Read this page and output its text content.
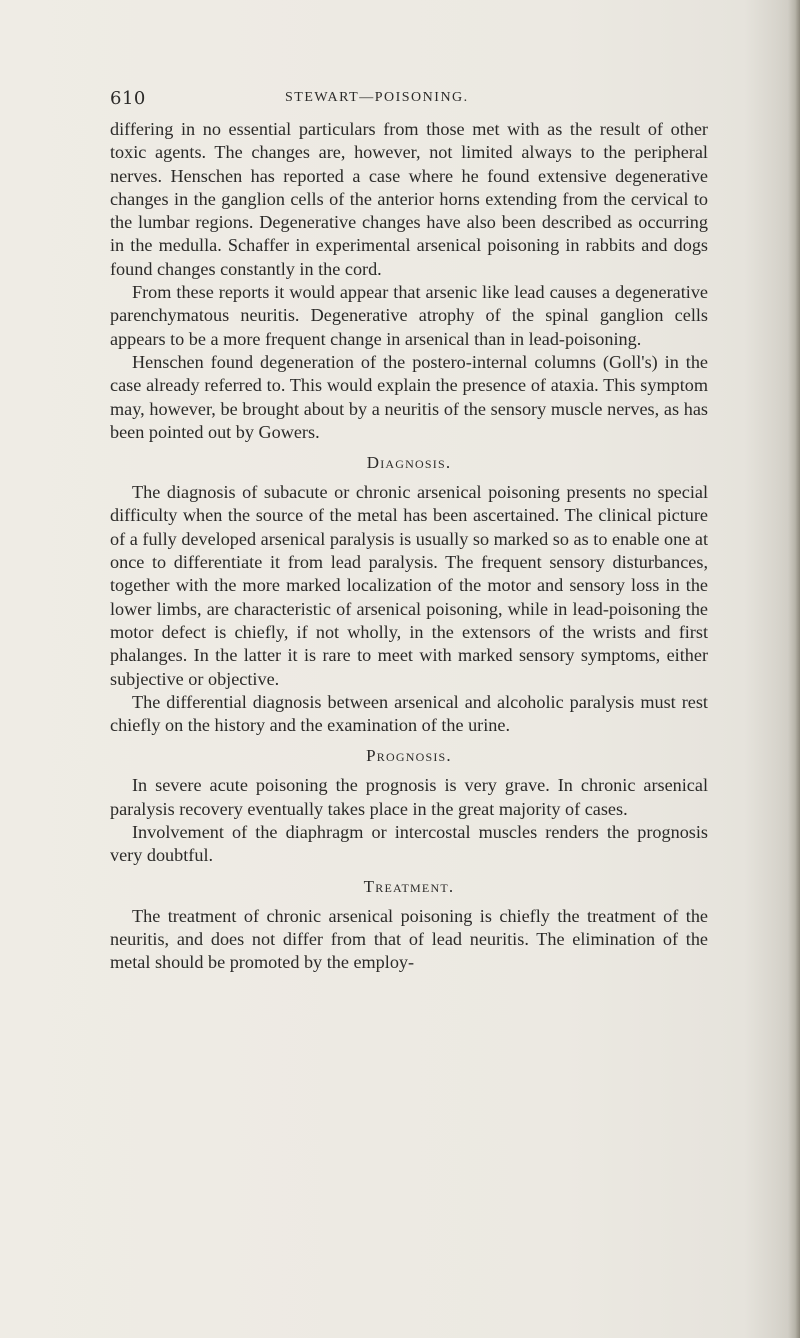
610	STEWART—POISONING.

differing in no essential particulars from those met with as the result of other toxic agents. The changes are, however, not limited always to the peripheral nerves. Henschen has reported a case where he found extensive degenerative changes in the ganglion cells of the anterior horns extending from the cervical to the lumbar regions. Degenerative changes have also been described as occurring in the medulla. Schaffer in experimental arsenical poisoning in rabbits and dogs found changes constantly in the cord.

From these reports it would appear that arsenic like lead causes a degenerative parenchymatous neuritis. Degenerative atrophy of the spinal ganglion cells appears to be a more frequent change in arsenical than in lead-poisoning.

Henschen found degeneration of the postero-internal columns (Goll's) in the case already referred to. This would explain the presence of ataxia. This symptom may, however, be brought about by a neuritis of the sensory muscle nerves, as has been pointed out by Gowers.

Diagnosis.

The diagnosis of subacute or chronic arsenical poisoning presents no special difficulty when the source of the metal has been ascertained. The clinical picture of a fully developed arsenical paralysis is usually so marked so as to enable one at once to differentiate it from lead paralysis. The frequent sensory disturbances, together with the more marked localization of the motor and sensory loss in the lower limbs, are characteristic of arsenical poisoning, while in lead-poisoning the motor defect is chiefly, if not wholly, in the extensors of the wrists and first phalanges. In the latter it is rare to meet with marked sensory symptoms, either subjective or objective.

The differential diagnosis between arsenical and alcoholic paralysis must rest chiefly on the history and the examination of the urine.

Prognosis.

In severe acute poisoning the prognosis is very grave. In chronic arsenical paralysis recovery eventually takes place in the great majority of cases.

Involvement of the diaphragm or intercostal muscles renders the prognosis very doubtful.

Treatment.

The treatment of chronic arsenical poisoning is chiefly the treatment of the neuritis, and does not differ from that of lead neuritis. The elimination of the metal should be promoted by the employ-
